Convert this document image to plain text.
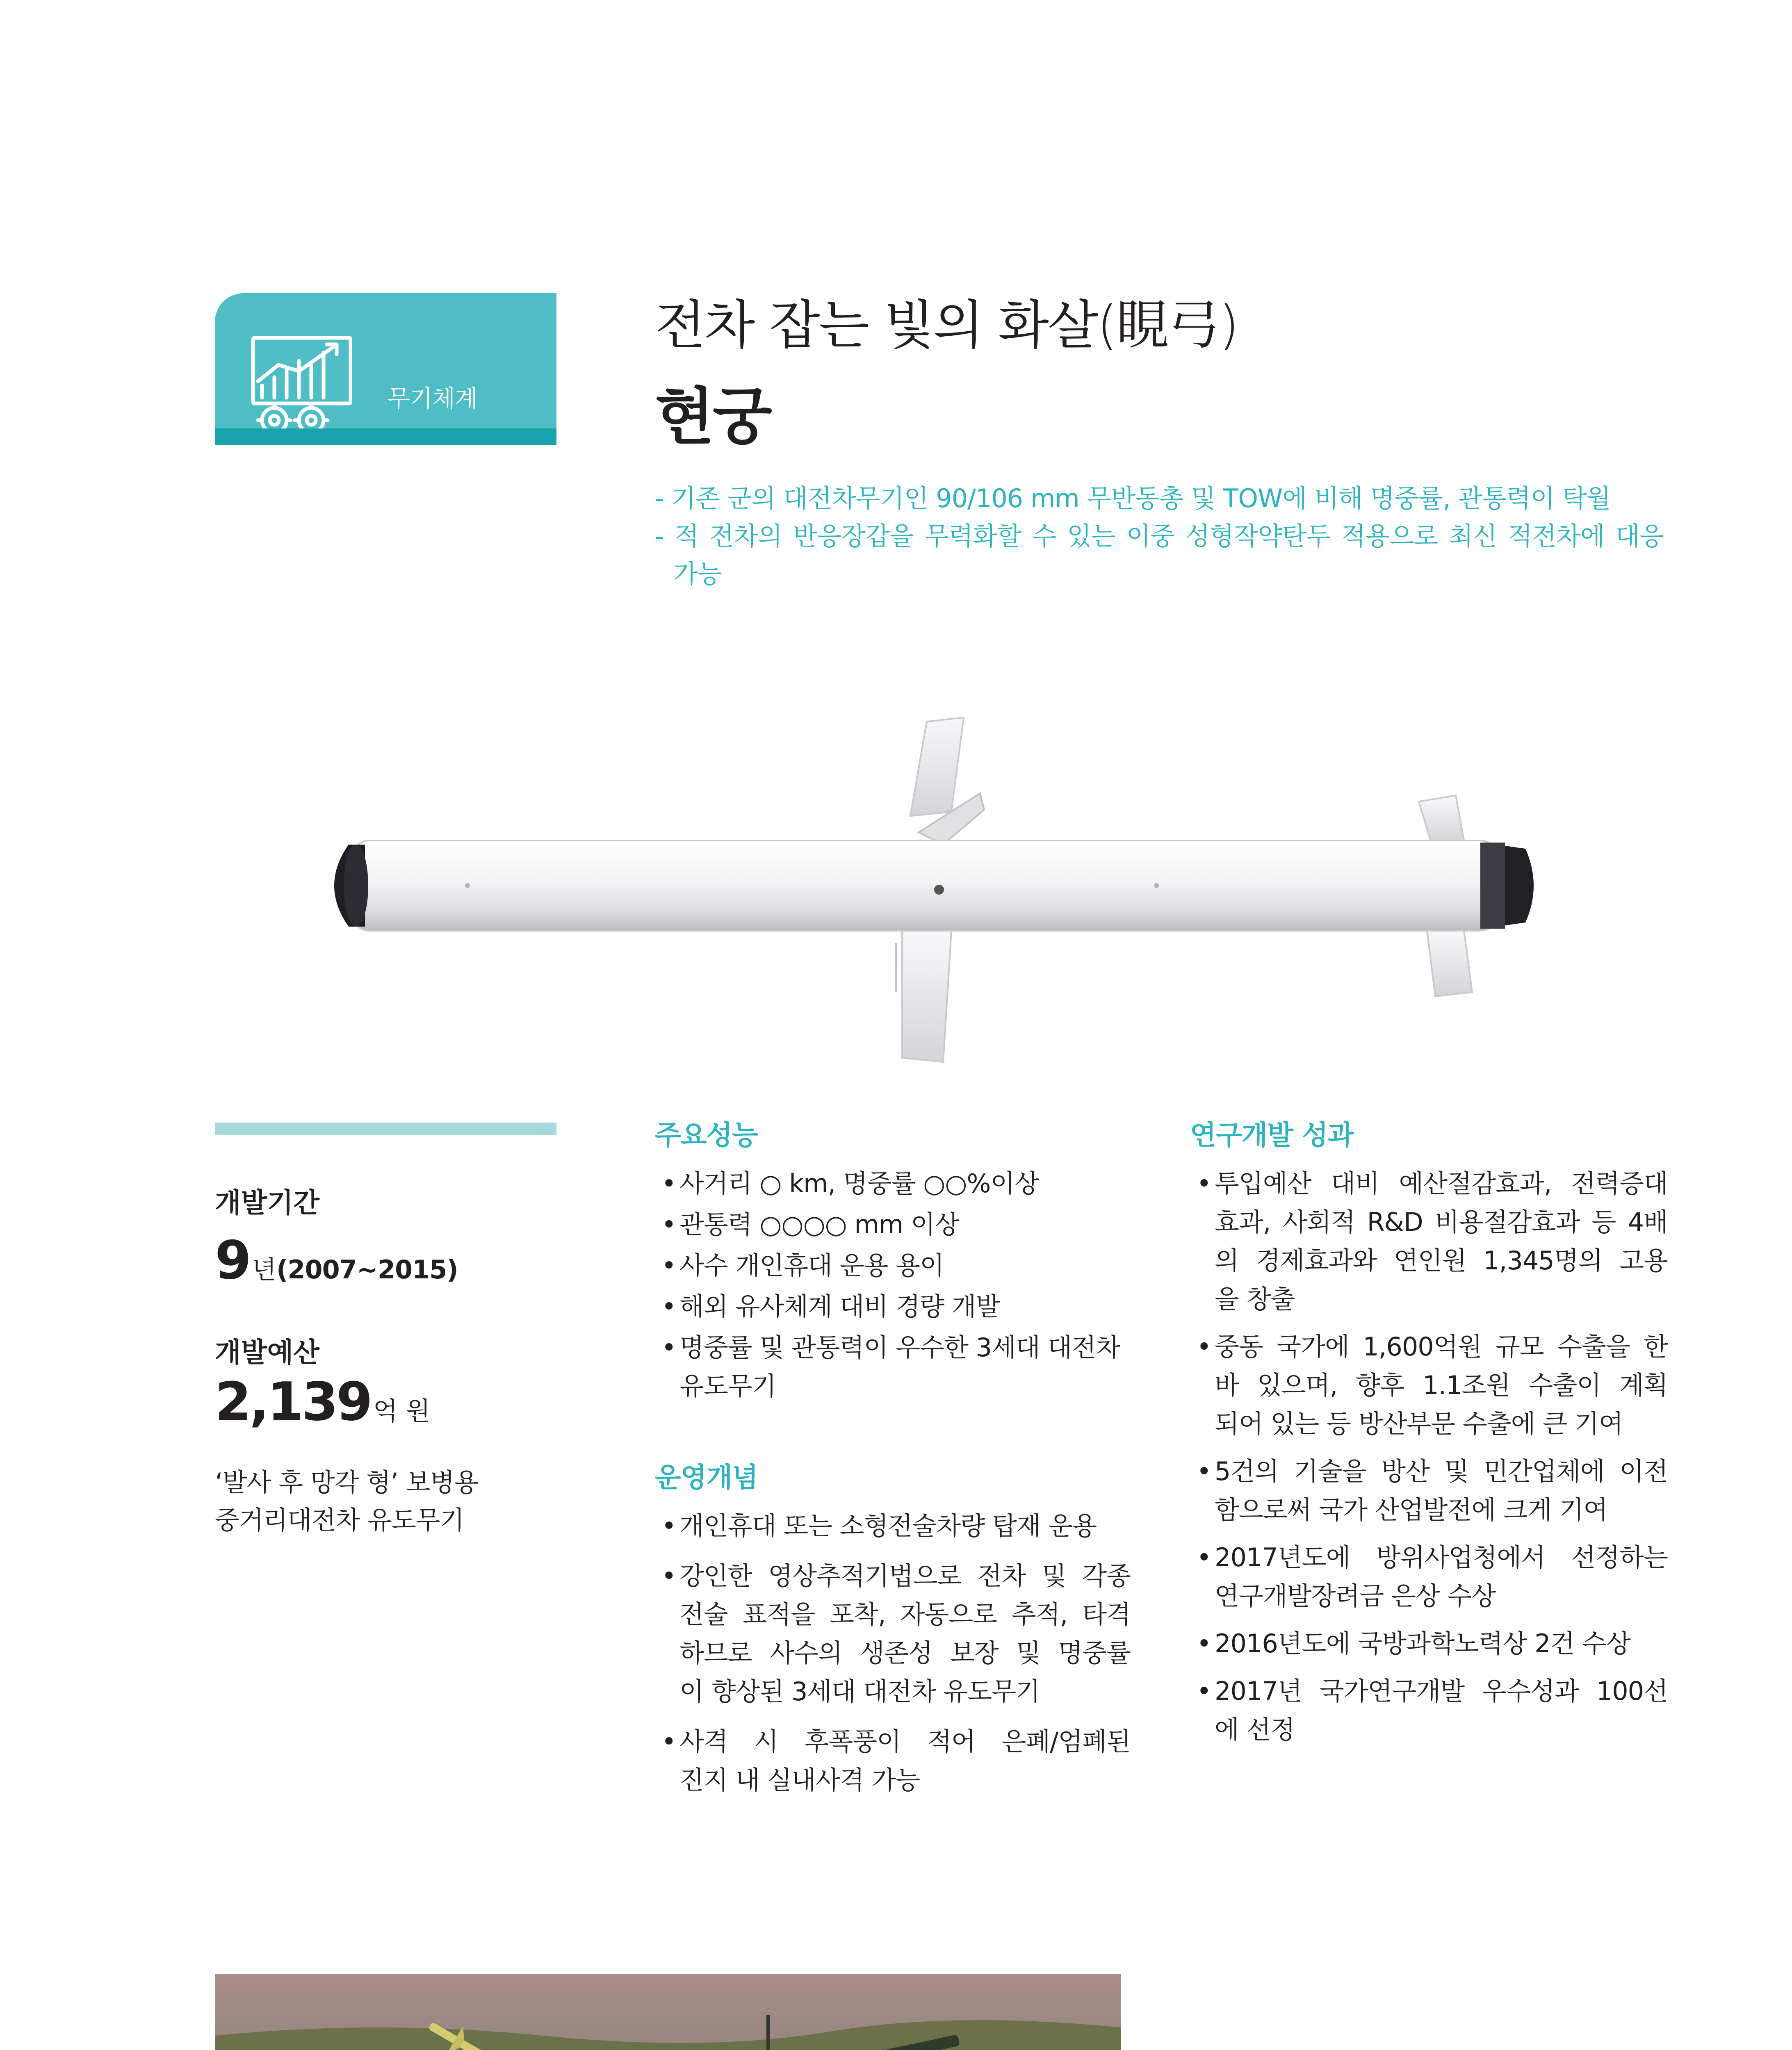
무기체계
전차 잡는 빛의 화살(睍弓)
현궁
- 기존 군의 대전차무기인 90/106 mm 무반동총 및 TOW에 비해 명중률, 관통력이 탁월
- 적 전차의 반응장갑을 무력화할 수 있는 이중 성형작약탄두 적용으로 최신 적전차에 대응
가능
개발기간
9년(2007~2015)
개발예산
2,139억 원
‘발사 후 망각 형’ 보병용
중거리대전차 유도무기
주요성능
• 사거리 ○ km, 명중률 ○○%이상
• 관통력 ○○○○ mm 이상
• 사수 개인휴대 운용 용이
• 해외 유사체계 대비 경량 개발
• 명중률 및 관통력이 우수한 3세대 대전차
유도무기
운영개념
• 개인휴대 또는 소형전술차량 탑재 운용
• 강인한 영상추적기법으로 전차 및 각종
전술 표적을 포착, 자동으로 추적, 타격
하므로 사수의 생존성 보장 및 명중률
이 향상된 3세대 대전차 유도무기
• 사격 시 후폭풍이 적어 은폐/엄폐된
진지 내 실내사격 가능
연구개발 성과
• 투입예산 대비 예산절감효과, 전력증대
효과, 사회적 R&D 비용절감효과 등 4배
의 경제효과와 연인원 1,345명의 고용
을 창출
• 중동 국가에 1,600억원 규모 수출을 한
바 있으며, 향후 1.1조원 수출이 계획
되어 있는 등 방산부문 수출에 큰 기여
• 5건의 기술을 방산 및 민간업체에 이전
함으로써 국가 산업발전에 크게 기여
• 2017년도에 방위사업청에서 선정하는
연구개발장려금 은상 수상
• 2016년도에 국방과학노력상 2건 수상
• 2017년 국가연구개발 우수성과 100선
에 선정
